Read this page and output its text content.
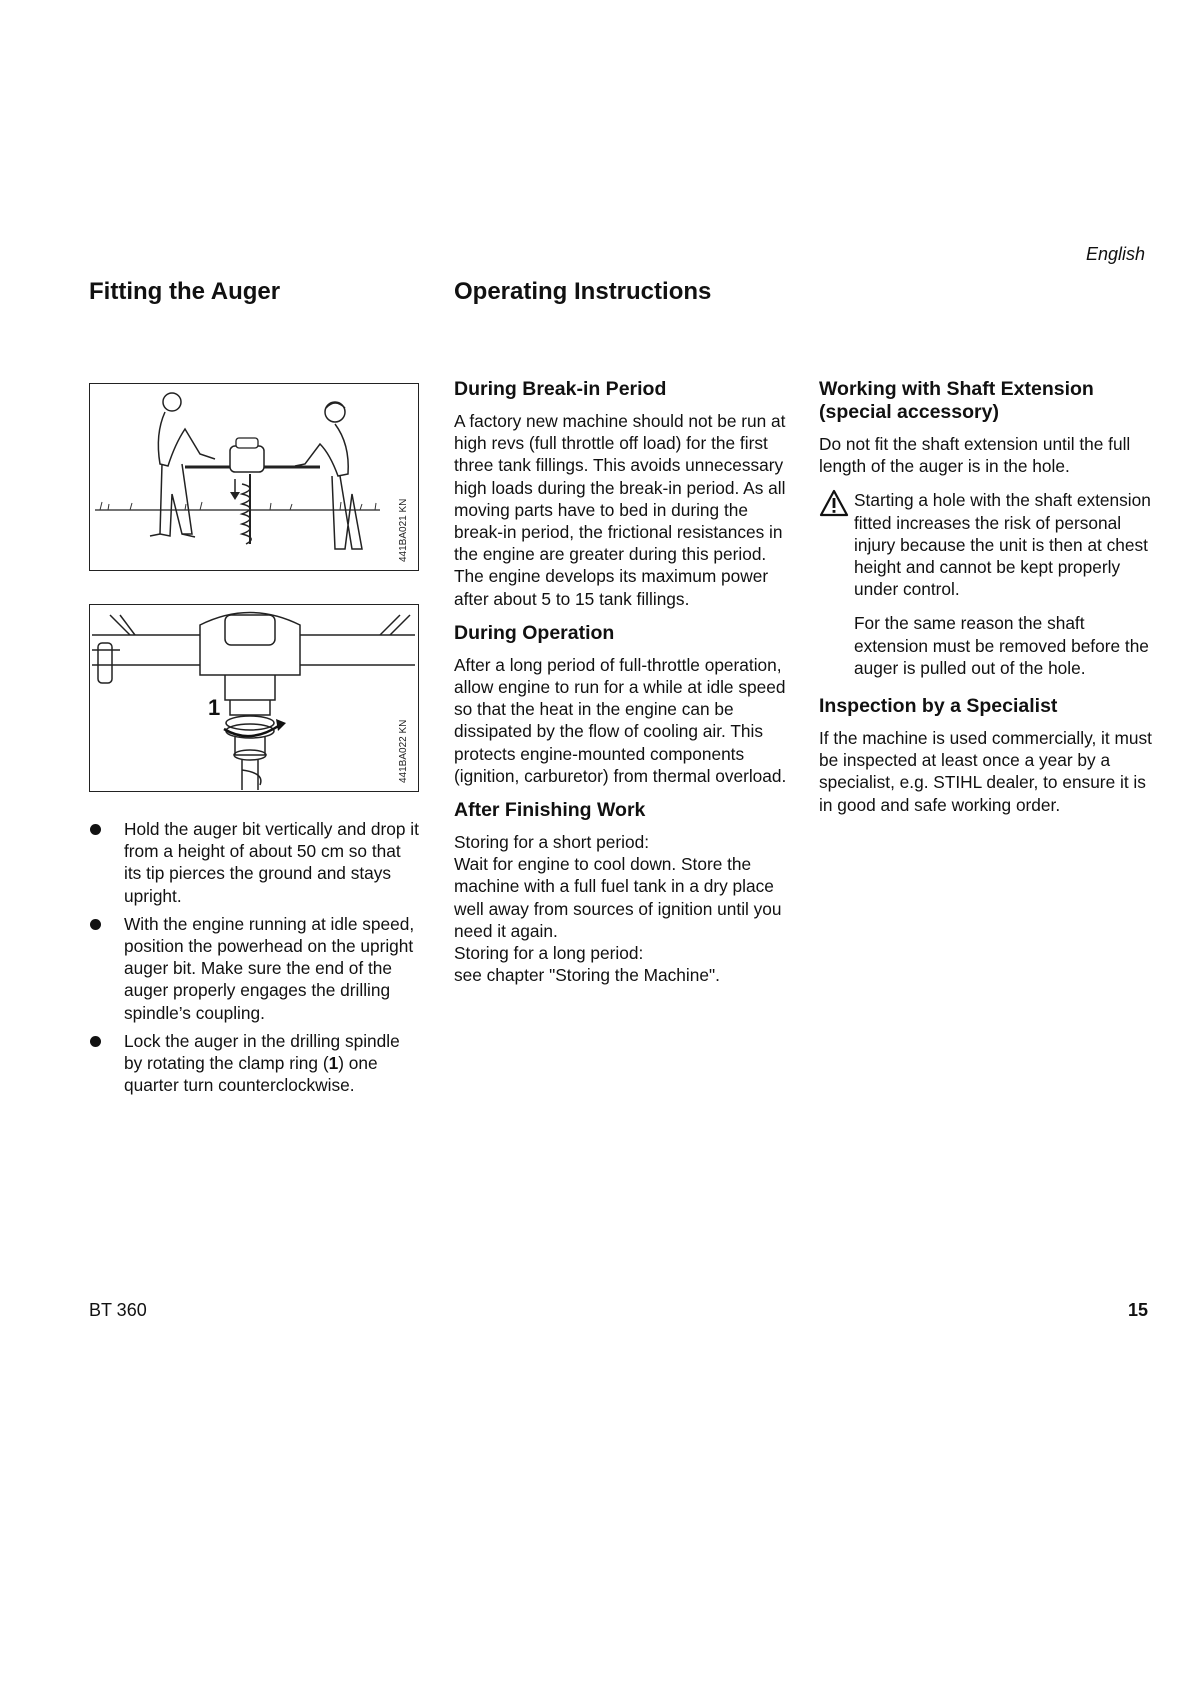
English
Fitting the Auger	Operating Instructions
441BA021 KN
1
441BA022 KN
Hold the auger bit vertically and drop it from a height of about 50 cm so that its tip pierces the ground and stays upright.
With the engine running at idle speed, position the powerhead on the upright auger bit. Make sure the end of the auger properly engages the drilling spindle’s coupling.
Lock the auger in the drilling spindle by rotating the clamp ring (1) one quarter turn counterclockwise.
During Break-in Period

A factory new machine should not be run at high revs (full throttle off load) for the first three tank fillings. This avoids unnecessary high loads during the break-in period. As all moving parts have to bed in during the break-in period, the frictional resistances in the engine are greater during this period. The engine develops its maximum power after about 5 to 15 tank fillings.

During Operation

After a long period of full-throttle operation, allow engine to run for a while at idle speed so that the heat in the engine can be dissipated by the flow of cooling air. This protects engine-mounted components (ignition, carburetor) from thermal overload.

After Finishing Work

Storing for a short period:
Wait for engine to cool down. Store the machine with a full fuel tank in a dry place well away from sources of ignition until you need it again.
Storing for a long period:
see chapter "Storing the Machine".

Working with Shaft Extension (special accessory)

Do not fit the shaft extension until the full length of the auger is in the hole.

Starting a hole with the shaft extension fitted increases the risk of personal injury because the unit is then at chest height and cannot be kept properly under control.

For the same reason the shaft extension must be removed before the auger is pulled out of the hole.

Inspection by a Specialist

If the machine is used commercially, it must be inspected at least once a year by a specialist, e.g. STIHL dealer, to ensure it is in good and safe working order.

BT 360	15
